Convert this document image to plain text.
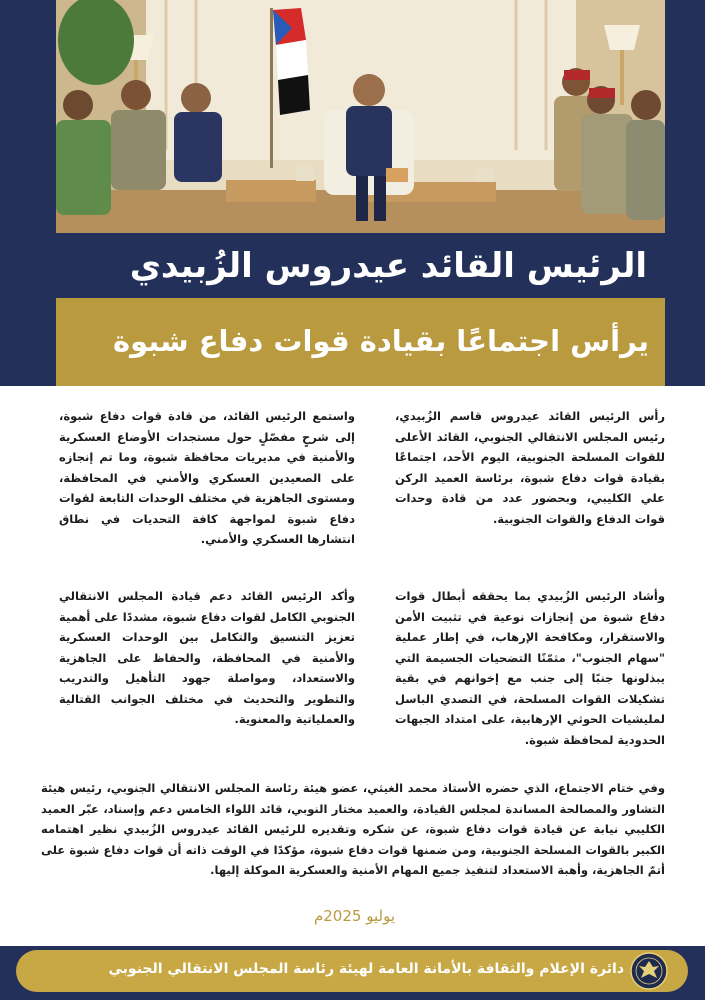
الرئيس القائد عيدروس الزُبيدي
يرأس اجتماعًا بقيادة قوات دفاع شبوة

رأس الرئيس القائد عيدروس قاسم الزُبيدي، رئيس المجلس الانتقالي الجنوبي، القائد الأعلى للقوات المسلحة الجنوبية، اليوم الأحد، اجتماعًا بقيادة قوات دفاع شبوة، برئاسة العميد الركن علي الكليبي، وبحضور عدد من قادة وحدات قوات الدفاع والقوات الجنوبية.

واستمع الرئيس القائد، من قادة قوات دفاع شبوة، إلى شرحٍ مفصّلٍ حول مستجدات الأوضاع العسكرية والأمنية في مديريات محافظة شبوة، وما تم إنجازه على الصعيدين العسكري والأمني في المحافظة، ومستوى الجاهزية في مختلف الوحدات التابعة لقوات دفاع شبوة لمواجهة كافة التحديات في نطاق انتشارها العسكري والأمني.

وأشاد الرئيس الزُبيدي بما يحققه أبطال قوات دفاع شبوة من إنجازات نوعية في تثبيت الأمن والاستقرار، ومكافحة الإرهاب، في إطار عملية "سهام الجنوب"، مثمّنًا التضحيات الجسيمة التي يبذلونها جنبًا إلى جنب مع إخوانهم في بقية تشكيلات القوات المسلحة، في التصدي الباسل لمليشيات الحوثي الإرهابية، على امتداد الجبهات الحدودية لمحافظة شبوة.

وأكد الرئيس القائد دعم قيادة المجلس الانتقالي الجنوبي الكامل لقوات دفاع شبوة، مشددًا على أهمية تعزيز التنسيق والتكامل بين الوحدات العسكرية والأمنية في المحافظة، والحفاظ على الجاهزية والاستعداد، ومواصلة جهود التأهيل والتدريب والتطوير والتحديث في مختلف الجوانب القتالية والعملياتية والمعنوية.

وفي ختام الاجتماع، الذي حضره الأستاذ محمد الغيثي، عضو هيئة رئاسة المجلس الانتقالي الجنوبي، رئيس هيئة التشاور والمصالحة المساندة لمجلس القيادة، والعميد مختار النوبي، قائد اللواء الخامس دعم وإسناد، عبّر العميد الكليبي نيابة عن قيادة قوات دفاع شبوة، عن شكره وتقديره للرئيس القائد عيدروس الزُبيدي نظير اهتمامه الكبير بالقوات المسلحة الجنوبية، ومن ضمنها قوات دفاع شبوة، مؤكدًا في الوقت ذاته أن قوات دفاع شبوة على أتمّ الجاهزية، وأهبة الاستعداد لتنفيذ جميع المهام الأمنية والعسكرية الموكلة إليها.

يوليو 2025م
دائرة الإعلام والثقافة بالأمانة العامة لهيئة رئاسة المجلس الانتقالي الجنوبي
